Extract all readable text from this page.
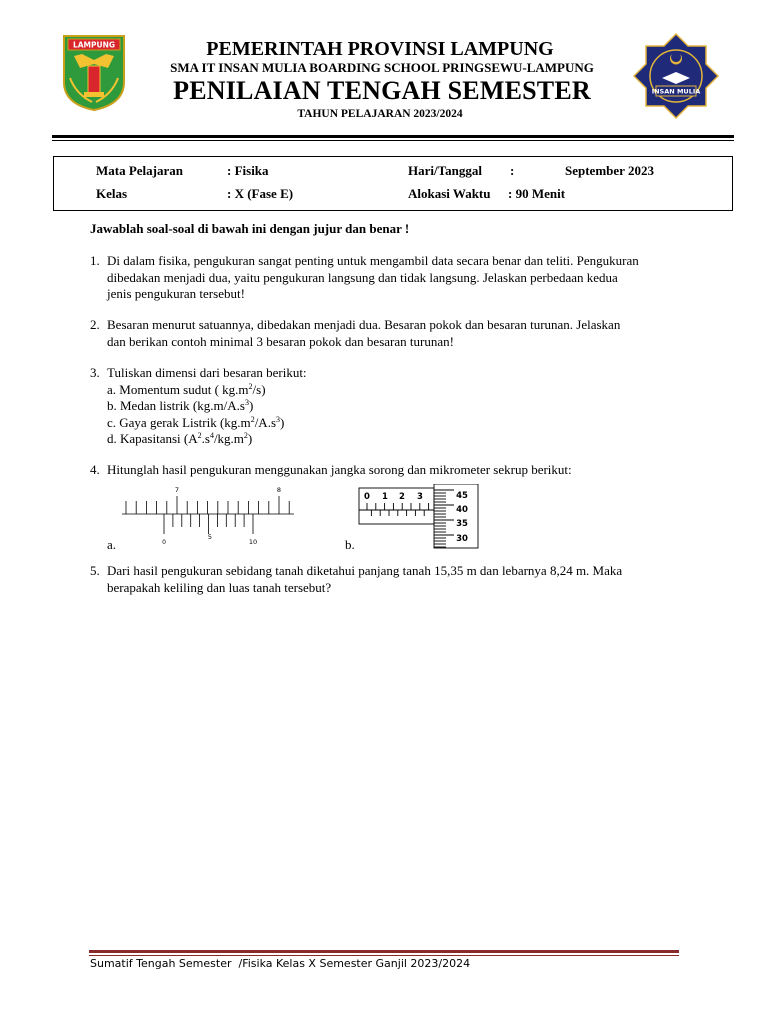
LAMPUNG
INSAN MULIA
PEMERINTAH PROVINSI LAMPUNG
SMA IT INSAN MULIA BOARDING SCHOOL PRINGSEWU-LAMPUNG
PENILAIAN TENGAH SEMESTER
TAHUN PELAJARAN 2023/2024
Mata Pelajaran	: Fisika	Hari/Tanggal :	September 2023
Kelas	: X (Fase E)	Alokasi Waktu : 90 Menit
Jawablah soal-soal di bawah ini dengan jujur dan benar !
1. Di dalam fisika, pengukuran sangat penting untuk mengambil data secara benar dan teliti. Pengukuran
dibedakan menjadi dua, yaitu pengukuran langsung dan tidak langsung. Jelaskan perbedaan kedua
jenis pengukuran tersebut!
2. Besaran menurut satuannya, dibedakan menjadi dua. Besaran pokok dan besaran turunan. Jelaskan
dan berikan contoh minimal 3 besaran pokok dan besaran turunan!
3. Tuliskan dimensi dari besaran berikut:
a. Momentum sudut ( $kg.m^2/s$)
b. Medan listrik $(kg.m/A.s^3)$
c. Gaya gerak Listrik $(kg.m^2/A.s^3)$
d. Kapasitansi $(A^2.s^4/kg.m^2)$
4. Hitunglah hasil pengukuran menggunakan jangka sorong dan mikrometer sekrup berikut:
a.	b.
7	8
0
5
10
0 1 2 3	45
40
35
30
5. Dari hasil pengukuran sebidang tanah diketahui panjang tanah 15,35 m dan lebarnya 8,24 m. Maka
berapakah keliling dan luas tanah tersebut?
Sumatif Tengah Semester  /Fisika Kelas X Semester Ganjil 2023/2024
